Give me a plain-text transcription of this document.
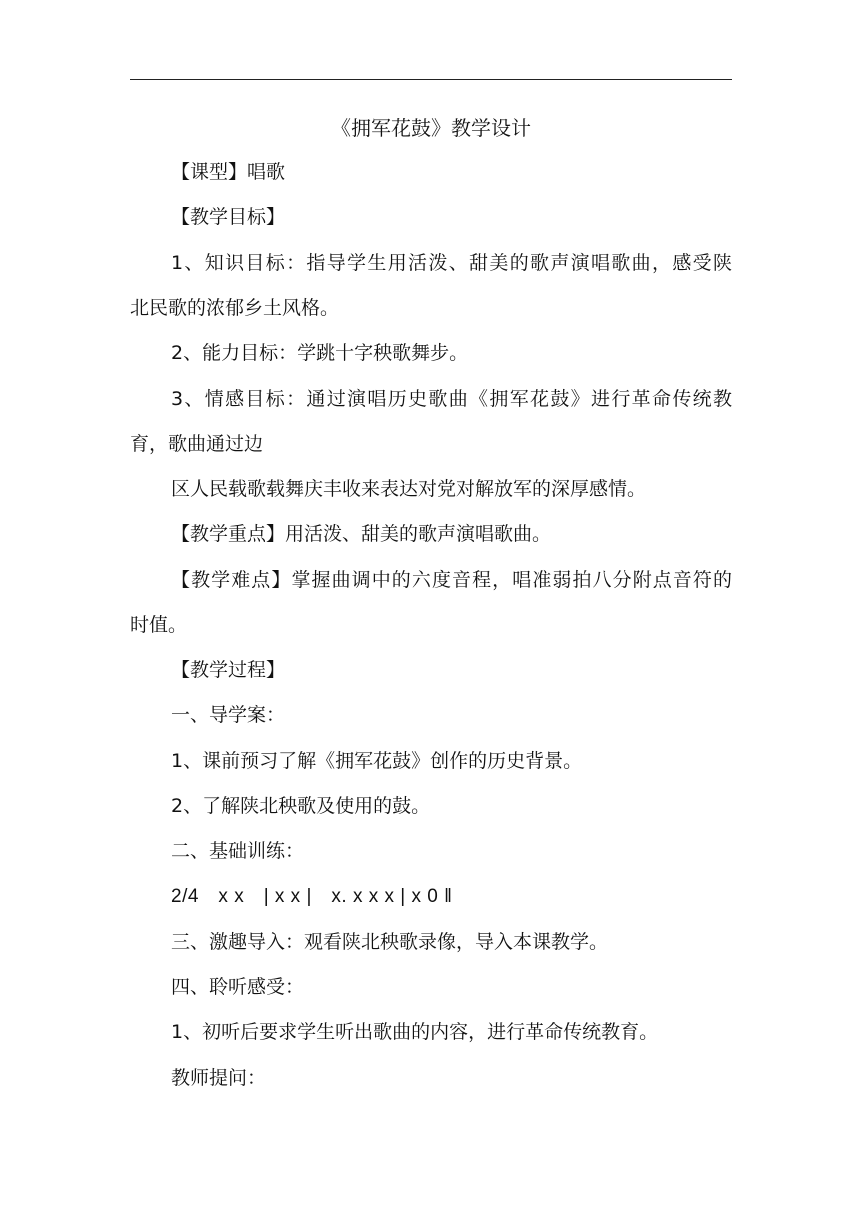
《拥军花鼓》教学设计
【课型】唱歌
【教学目标】
1、知识目标：指导学生用活泼、甜美的歌声演唱歌曲，感受陕
北民歌的浓郁乡土风格。
2、能力目标：学跳十字秧歌舞步。
3、情感目标：通过演唱历史歌曲《拥军花鼓》进行革命传统教
育，歌曲通过边
区人民载歌载舞庆丰收来表达对党对解放军的深厚感情。
【教学重点】用活泼、甜美的歌声演唱歌曲。
【教学难点】掌握曲调中的六度音程，唱准弱拍八分附点音符的
时值。
【教学过程】
一、导学案：
1、课前预习了解《拥军花鼓》创作的历史背景。
2、了解陕北秧歌及使用的鼓。
二、基础训练：
2/4　x x　| x x |　x. x x x | x 0 ‖
三、激趣导入：观看陕北秧歌录像，导入本课教学。
四、聆听感受：
1、初听后要求学生听出歌曲的内容，进行革命传统教育。
教师提问：
